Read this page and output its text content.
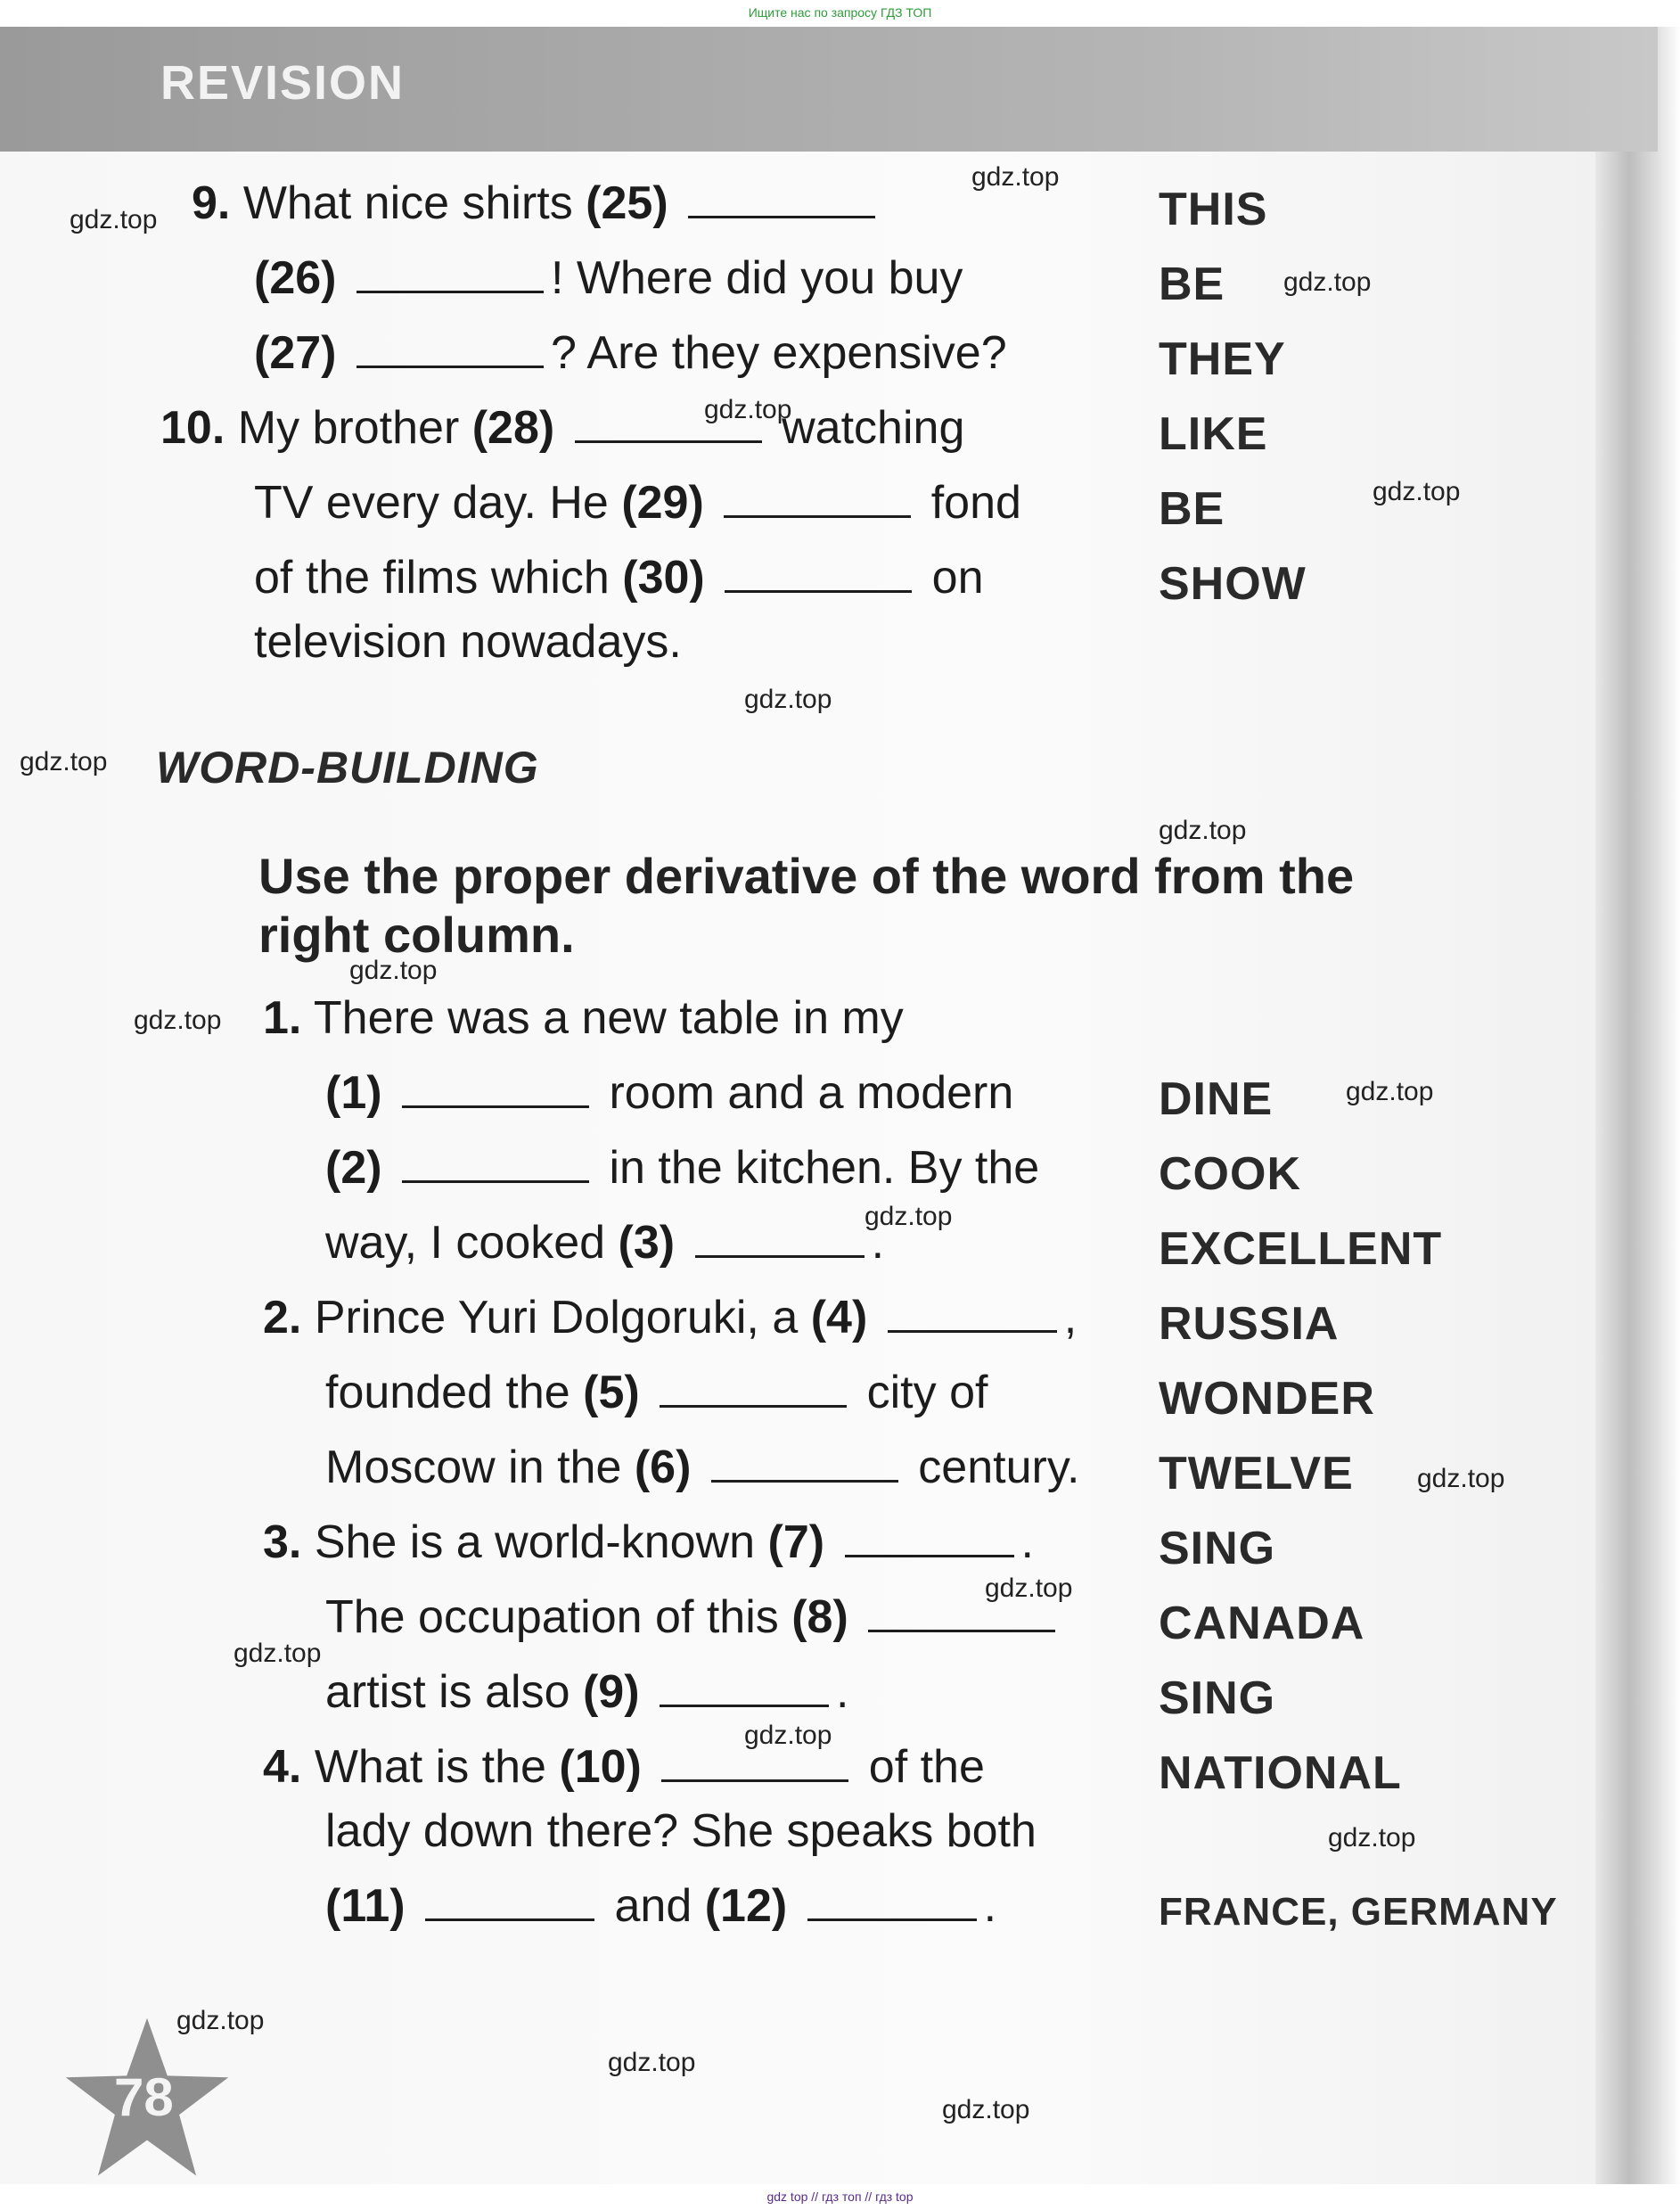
Ищите нас по запросу ГДЗ ТОП
REVISION
9. What nice shirts (25)
(26)	! Where did you buy
(27)	? Are they expensive?
10. My brother (28)	watching
TV every day. He (29)	fond
of the films which (30)	on
television nowadays.
THIS
BE
THEY
LIKE
BE
SHOW
WORD-BUILDING
Use the proper derivative of the word from the
right column.
1. There was a new table in my
(1)	room and a modern
(2)	in the kitchen. By the
way, I cooked (3)	.
2. Prince Yuri Dolgoruki, a (4)	,
founded the (5)	city of
Moscow in the (6)	century.
3. She is a world-known (7)	.
The occupation of this (8)
artist is also (9)	.
4. What is the (10)	of the
lady down there? She speaks both
(11)	and (12)	.
DINE
COOK
EXCELLENT
RUSSIA
WONDER
TWELVE
SING
CANADA
SING
NATIONAL
FRANCE, GERMANY
gdz.top
gdz.top
gdz.top
gdz.top
gdz.top
gdz.top
gdz.top
gdz.top
gdz.top
gdz.top
gdz.top
gdz.top
gdz.top
gdz.top
gdz.top
gdz.top
gdz.top
gdz.top
gdz.top
gdz.top
78
gdz top // гдз топ // гдз top
